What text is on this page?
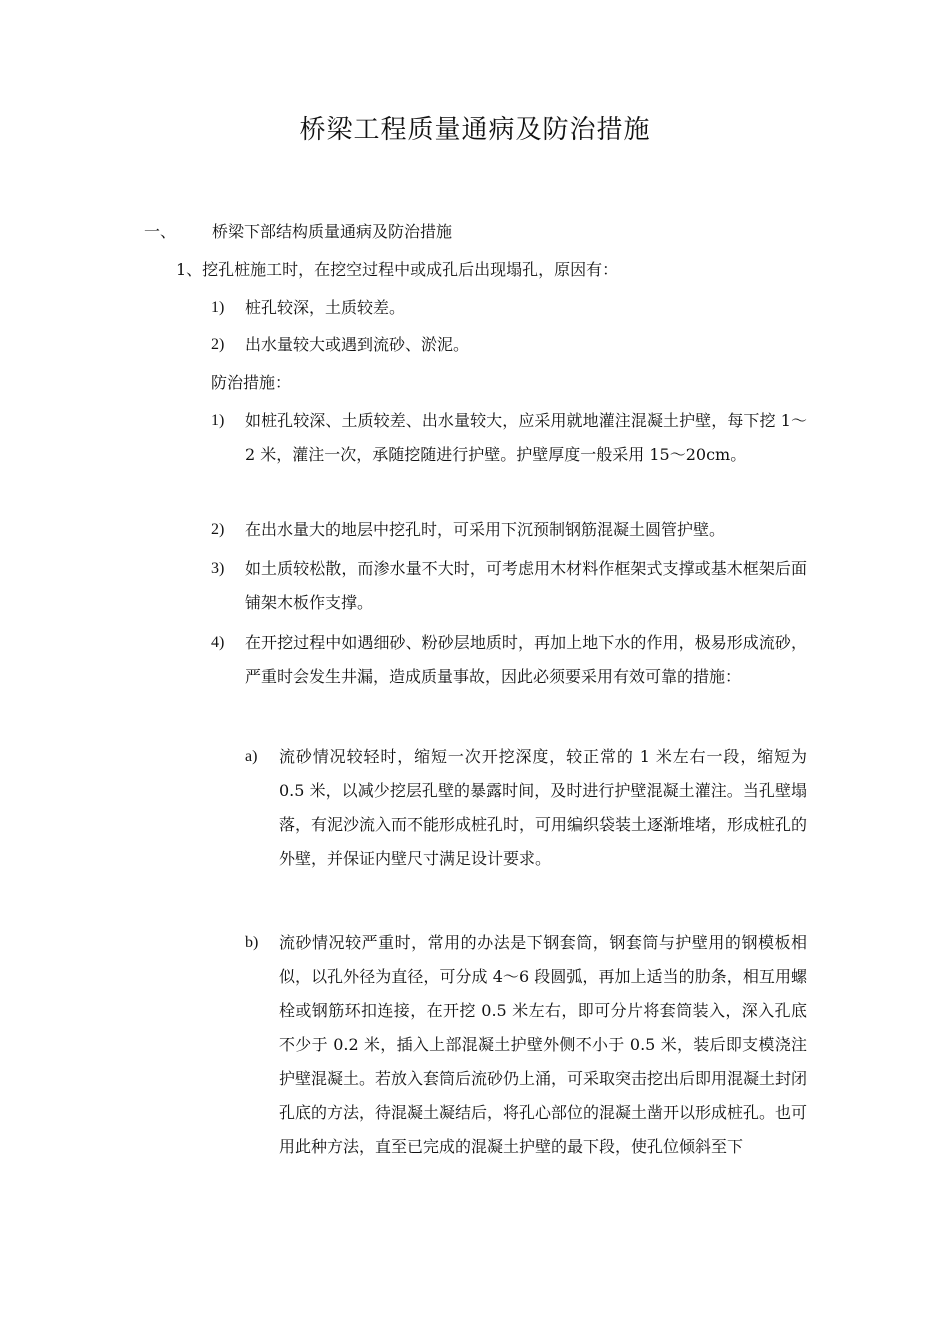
桥梁工程质量通病及防治措施
一、 桥梁下部结构质量通病及防治措施
1、挖孔桩施工时，在挖空过程中或成孔后出现塌孔，原因有：
1) 桩孔较深，土质较差。
2) 出水量较大或遇到流砂、淤泥。
防治措施：
1) 如桩孔较深、土质较差、出水量较大，应采用就地灌注混凝土护壁，每下挖 1～2 米，灌注一次，承随挖随进行护壁。护壁厚度一般采用 15～20cm。
2) 在出水量大的地层中挖孔时，可采用下沉预制钢筋混凝土圆管护壁。
3) 如土质较松散，而渗水量不大时，可考虑用木材料作框架式支撑或基木框架后面铺架木板作支撑。
4) 在开挖过程中如遇细砂、粉砂层地质时，再加上地下水的作用，极易形成流砂，严重时会发生井漏，造成质量事故，因此必须要采用有效可靠的措施：
a) 流砂情况较轻时，缩短一次开挖深度，较正常的 1 米左右一段，缩短为 0.5 米，以减少挖层孔壁的暴露时间，及时进行护壁混凝土灌注。当孔壁塌落，有泥沙流入而不能形成桩孔时，可用编织袋装土逐渐堆堵，形成桩孔的外壁，并保证内壁尺寸满足设计要求。
b) 流砂情况较严重时，常用的办法是下钢套筒，钢套筒与护壁用的钢模板相似，以孔外径为直径，可分成 4～6 段圆弧，再加上适当的肋条，相互用螺栓或钢筋环扣连接，在开挖 0.5 米左右，即可分片将套筒装入，深入孔底不少于 0.2 米，插入上部混凝土护壁外侧不小于 0.5 米，装后即支模浇注护壁混凝土。若放入套筒后流砂仍上涌，可采取突击挖出后即用混凝土封闭孔底的方法，待混凝土凝结后，将孔心部位的混凝土凿开以形成桩孔。也可用此种方法，直至已完成的混凝土护壁的最下段，使孔位倾斜至下
